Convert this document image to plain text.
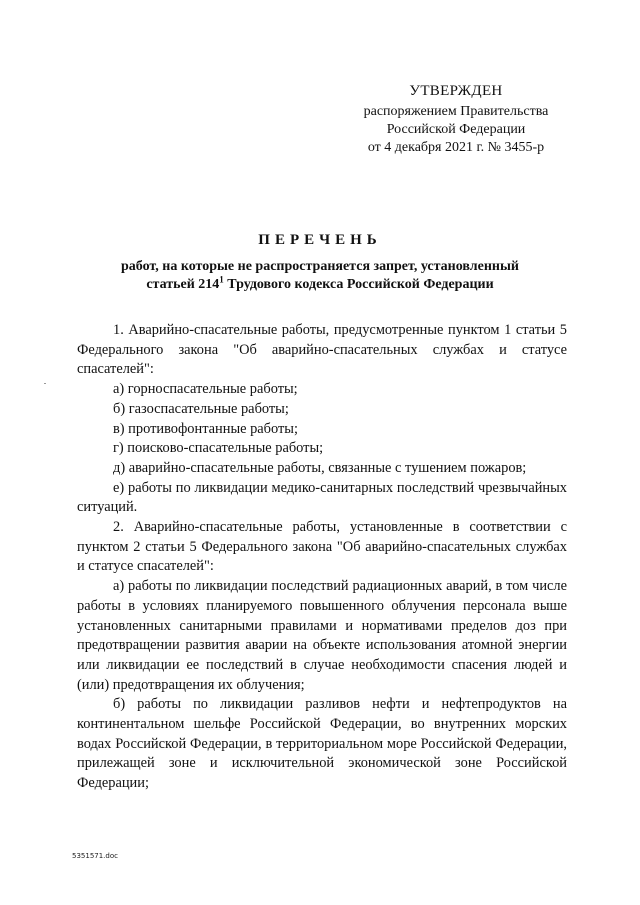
УТВЕРЖДЕН
распоряжением Правительства
Российской Федерации
от 4 декабря 2021 г. № 3455-р
ПЕРЕЧЕНЬ
работ, на которые не распространяется запрет, установленный
статьей $214^1$ Трудового кодекса Российской Федерации

1. Аварийно-спасательные работы, предусмотренные пунктом 1 статьи 5 Федерального закона "Об аварийно-спасательных службах и статусе спасателей":

а) горноспасательные работы;

б) газоспасательные работы;

в) противофонтанные работы;

г) поисково-спасательные работы;

д) аварийно-спасательные работы, связанные с тушением пожаров;

е) работы по ликвидации медико-санитарных последствий чрезвычайных ситуаций.

2. Аварийно-спасательные работы, установленные в соответствии с пунктом 2 статьи 5 Федерального закона "Об аварийно-спасательных службах и статусе спасателей":

а) работы по ликвидации последствий радиационных аварий, в том числе работы в условиях планируемого повышенного облучения персонала выше установленных санитарными правилами и нормативами пределов доз при предотвращении развития аварии на объекте использования атомной энергии или ликвидации ее последствий в случае необходимости спасения людей и (или) предотвращения их облучения;

б) работы по ликвидации разливов нефти и нефтепродуктов на континентальном шельфе Российской Федерации, во внутренних морских водах Российской Федерации, в территориальном море Российской Федерации, прилежащей зоне и исключительной экономической зоне Российской Федерации;

5351571.doc
